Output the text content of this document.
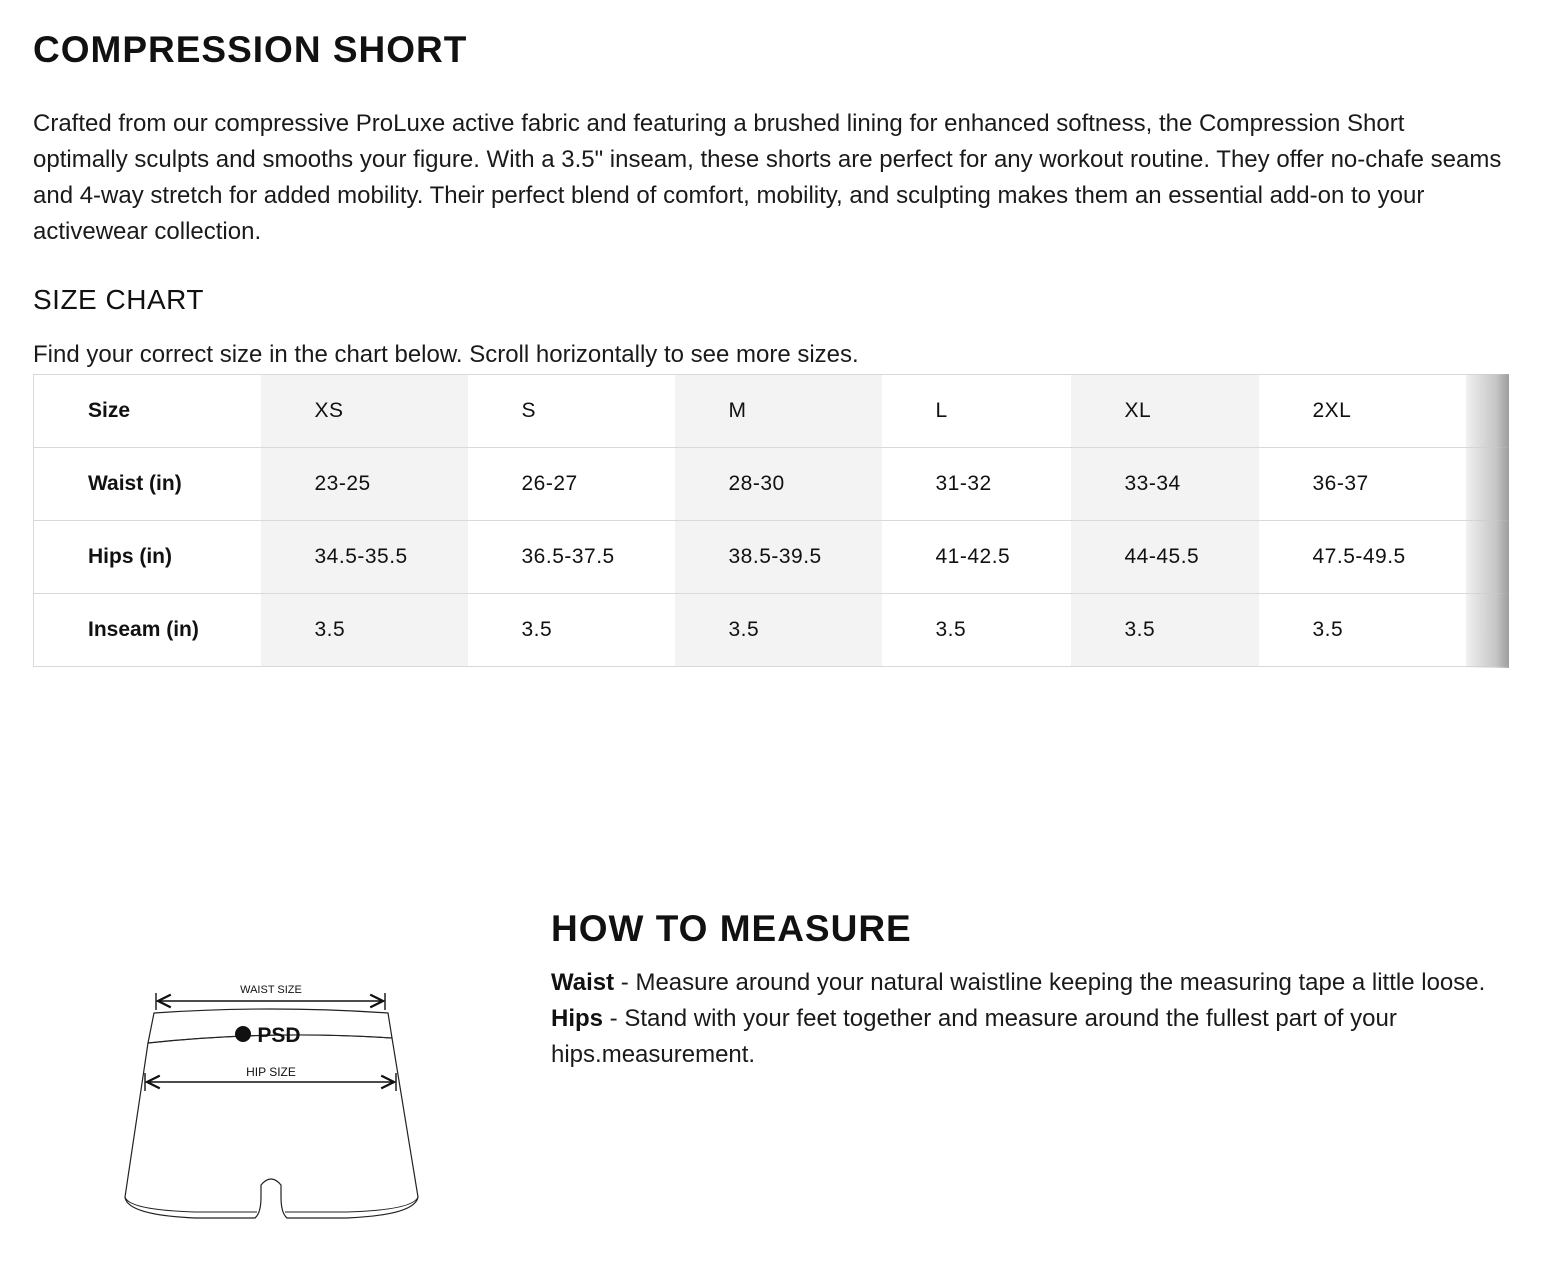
COMPRESSION SHORT

Crafted from our compressive ProLuxe active fabric and featuring a brushed lining for enhanced softness, the Compression Short optimally sculpts and smooths your figure. With a 3.5" inseam, these shorts are perfect for any workout routine. They offer no-chafe seams and 4-way stretch for added mobility. Their perfect blend of comfort, mobility, and sculpting makes them an essential add-on to your activewear collection.

SIZE CHART

Find your correct size in the chart below. Scroll horizontally to see more sizes.

Size	XS	S	M	L	XL	2XL	
Waist (in)	23-25	26-27	28-30	31-32	33-34	36-37	
Hips (in)	34.5-35.5	36.5-37.5	38.5-39.5	41-42.5	44-45.5	47.5-49.5	
Inseam (in)	3.5	3.5	3.5	3.5	3.5	3.5	
WAIST SIZE
PSD
HIP SIZE
HOW TO MEASURE

Waist - Measure around your natural waistline keeping the measuring tape a little loose.
Hips - Stand with your feet together and measure around the fullest part of your hips.measurement.
